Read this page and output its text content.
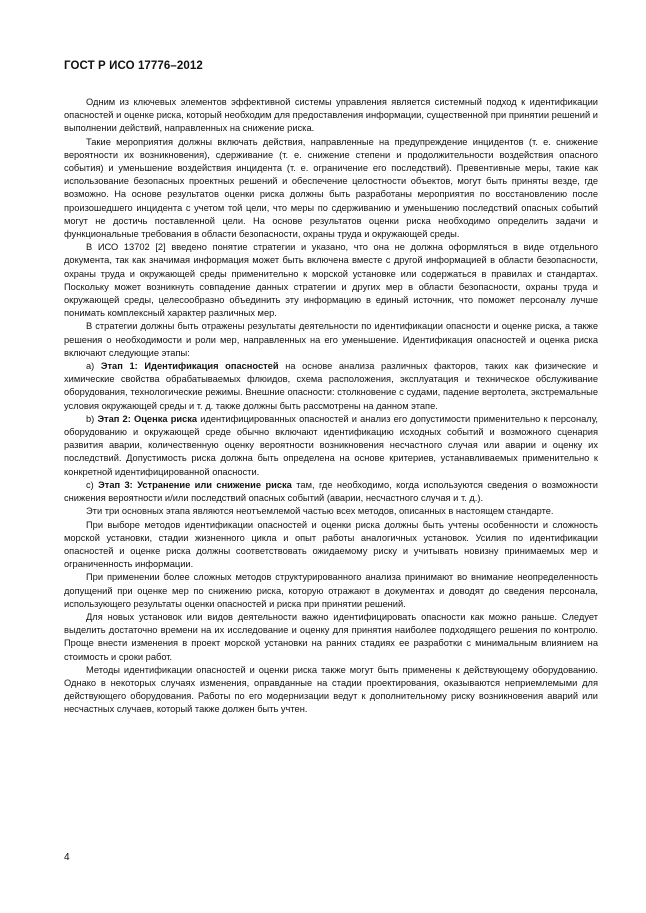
ГОСТ Р ИСО 17776–2012

Одним из ключевых элементов эффективной системы управления является системный подход к идентификации опасностей и оценке риска, который необходим для предоставления информации, существенной при принятии решений и выполнении действий, направленных на снижение риска.

Такие мероприятия должны включать действия, направленные на предупреждение инцидентов (т. е. снижение вероятности их возникновения), сдерживание (т. е. снижение степени и продолжительности воздействия опасного события) и уменьшение воздействия инцидента (т. е. ограничение его последствий). Превентивные меры, такие как использование безопасных проектных решений и обеспечение целостности объектов, могут быть приняты везде, где возможно. На основе результатов оценки риска должны быть разработаны мероприятия по восстановлению после произошедшего инцидента с учетом той цели, что меры по сдерживанию и уменьшению последствий опасных событий могут не достичь поставленной цели. На основе результатов оценки риска необходимо определить задачи и функциональные требования в области безопасности, охраны труда и окружающей среды.

В ИСО 13702 [2] введено понятие стратегии и указано, что она не должна оформляться в виде отдельного документа, так как значимая информация может быть включена вместе с другой информацией в области безопасности, охраны труда и окружающей среды применительно к морской установке или содержаться в правилах и стандартах. Поскольку может возникнуть совпадение данных стратегии и других мер в области безопасности, охраны труда и окружающей среды, целесообразно объединить эту информацию в единый источник, что поможет персоналу лучше понимать комплексный характер различных мер.

В стратегии должны быть отражены результаты деятельности по идентификации опасности и оценке риска, а также решения о необходимости и роли мер, направленных на его уменьшение. Идентификация опасностей и оценка риска включают следующие этапы:

а) Этап 1: Идентификация опасностей на основе анализа различных факторов, таких как физические и химические свойства обрабатываемых флюидов, схема расположения, эксплуатация и техническое обслуживание оборудования, технологические режимы. Внешние опасности: столкновение с судами, падение вертолета, экстремальные условия окружающей среды и т. д. также должны быть рассмотрены на данном этапе.

b) Этап 2: Оценка риска идентифицированных опасностей и анализ его допустимости применительно к персоналу, оборудованию и окружающей среде обычно включают идентификацию исходных событий и возможного сценария развития аварии, количественную оценку вероятности возникновения несчастного случая или аварии и оценку их последствий. Допустимость риска должна быть определена на основе критериев, устанавливаемых применительно к конкретной идентифицированной опасности.

с) Этап 3: Устранение или снижение риска там, где необходимо, когда используются сведения о возможности снижения вероятности и/или последствий опасных событий (аварии, несчастного случая и т. д.).

Эти три основных этапа являются неотъемлемой частью всех методов, описанных в настоящем стандарте.

При выборе методов идентификации опасностей и оценки риска должны быть учтены особенности и сложность морской установки, стадии жизненного цикла и опыт работы аналогичных установок. Усилия по идентификации опасностей и оценке риска должны соответствовать ожидаемому риску и учитывать новизну принимаемых мер и ограниченность информации.

При применении более сложных методов структурированного анализа принимают во внимание неопределенность допущений при оценке мер по снижению риска, которую отражают в документах и доводят до сведения персонала, использующего результаты оценки опасностей и риска при принятии решений.

Для новых установок или видов деятельности важно идентифицировать опасности как можно раньше. Следует выделить достаточно времени на их исследование и оценку для принятия наиболее подходящего решения по контролю. Проще внести изменения в проект морской установки на ранних стадиях ее разработки с минимальным влиянием на стоимость и сроки работ.

Методы идентификации опасностей и оценки риска также могут быть применены к действующему оборудованию. Однако в некоторых случаях изменения, оправданные на стадии проектирования, оказываются неприемлемыми для действующего оборудования. Работы по его модернизации ведут к дополнительному риску возникновения аварий или несчастных случаев, который также должен быть учтен.

4
